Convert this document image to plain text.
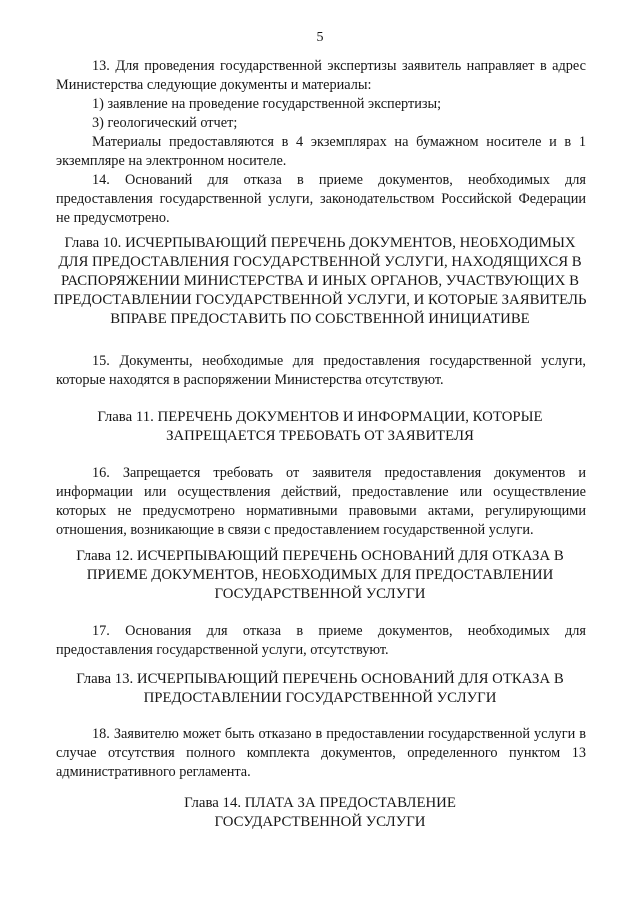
5

13. Для проведения государственной экспертизы заявитель направляет в адрес Министерства следующие документы и материалы:

1) заявление на проведение государственной экспертизы;

3) геологический отчет;

Материалы предоставляются в 4 экземплярах на бумажном носителе и в 1 экземпляре на электронном носителе.

14. Оснований для отказа в приеме документов, необходимых для предоставления государственной услуги, законодательством Российской Федерации не предусмотрено.

Глава 10. ИСЧЕРПЫВАЮЩИЙ ПЕРЕЧЕНЬ ДОКУМЕНТОВ, НЕОБХОДИМЫХ ДЛЯ ПРЕДОСТАВЛЕНИЯ ГОСУДАРСТВЕННОЙ УСЛУГИ, НАХОДЯЩИХСЯ В РАСПОРЯЖЕНИИ МИНИСТЕРСТВА И ИНЫХ ОРГАНОВ, УЧАСТВУЮЩИХ В ПРЕДОСТАВЛЕНИИ ГОСУДАРСТВЕННОЙ УСЛУГИ, И КОТОРЫЕ ЗАЯВИТЕЛЬ ВПРАВЕ ПРЕДОСТАВИТЬ ПО СОБСТВЕННОЙ ИНИЦИАТИВЕ

15. Документы, необходимые для предоставления государственной услуги, которые находятся в распоряжении Министерства отсутствуют.

Глава 11. ПЕРЕЧЕНЬ ДОКУМЕНТОВ И ИНФОРМАЦИИ, КОТОРЫЕ ЗАПРЕЩАЕТСЯ ТРЕБОВАТЬ ОТ ЗАЯВИТЕЛЯ

16. Запрещается требовать от заявителя предоставления документов и информации или осуществления действий, предоставление или осуществление которых не предусмотрено нормативными правовыми актами, регулирующими отношения, возникающие в связи с предоставлением государственной услуги.

Глава 12. ИСЧЕРПЫВАЮЩИЙ ПЕРЕЧЕНЬ ОСНОВАНИЙ ДЛЯ ОТКАЗА В ПРИЕМЕ ДОКУМЕНТОВ, НЕОБХОДИМЫХ ДЛЯ ПРЕДОСТАВЛЕНИИ ГОСУДАРСТВЕННОЙ УСЛУГИ

17. Основания для отказа в приеме документов, необходимых для предоставления государственной услуги, отсутствуют.

Глава 13. ИСЧЕРПЫВАЮЩИЙ ПЕРЕЧЕНЬ ОСНОВАНИЙ ДЛЯ ОТКАЗА В ПРЕДОСТАВЛЕНИИ ГОСУДАРСТВЕННОЙ УСЛУГИ

18. Заявителю может быть отказано в предоставлении государственной услуги в случае отсутствия полного комплекта документов, определенного пунктом 13 административного регламента.

Глава 14. ПЛАТА ЗА ПРЕДОСТАВЛЕНИЕ ГОСУДАРСТВЕННОЙ УСЛУГИ
